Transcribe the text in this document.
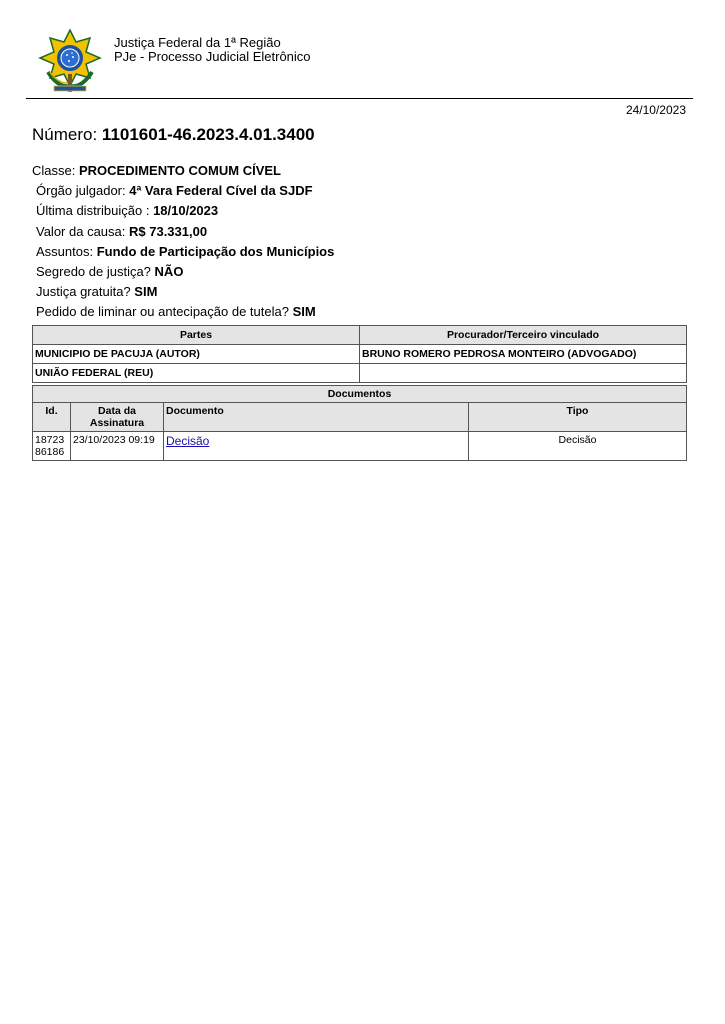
Justiça Federal da 1ª Região
PJe - Processo Judicial Eletrônico
24/10/2023
Número: 1101601-46.2023.4.01.3400
Classe: PROCEDIMENTO COMUM CÍVEL
Órgão julgador: 4ª Vara Federal Cível da SJDF
Última distribuição : 18/10/2023
Valor da causa: R$ 73.331,00
Assuntos: Fundo de Participação dos Municípios
Segredo de justiça? NÃO
Justiça gratuita? SIM
Pedido de liminar ou antecipação de tutela? SIM
Partes	Procurador/Terceiro vinculado
MUNICIPIO DE PACUJA (AUTOR)	BRUNO ROMERO PEDROSA MONTEIRO (ADVOGADO)
UNIÃO FEDERAL (REU)	
Documentos			
Id.	Data da Assinatura	Documento	Tipo
18723 86186	23/10/2023 09:19	Decisão	Decisão
